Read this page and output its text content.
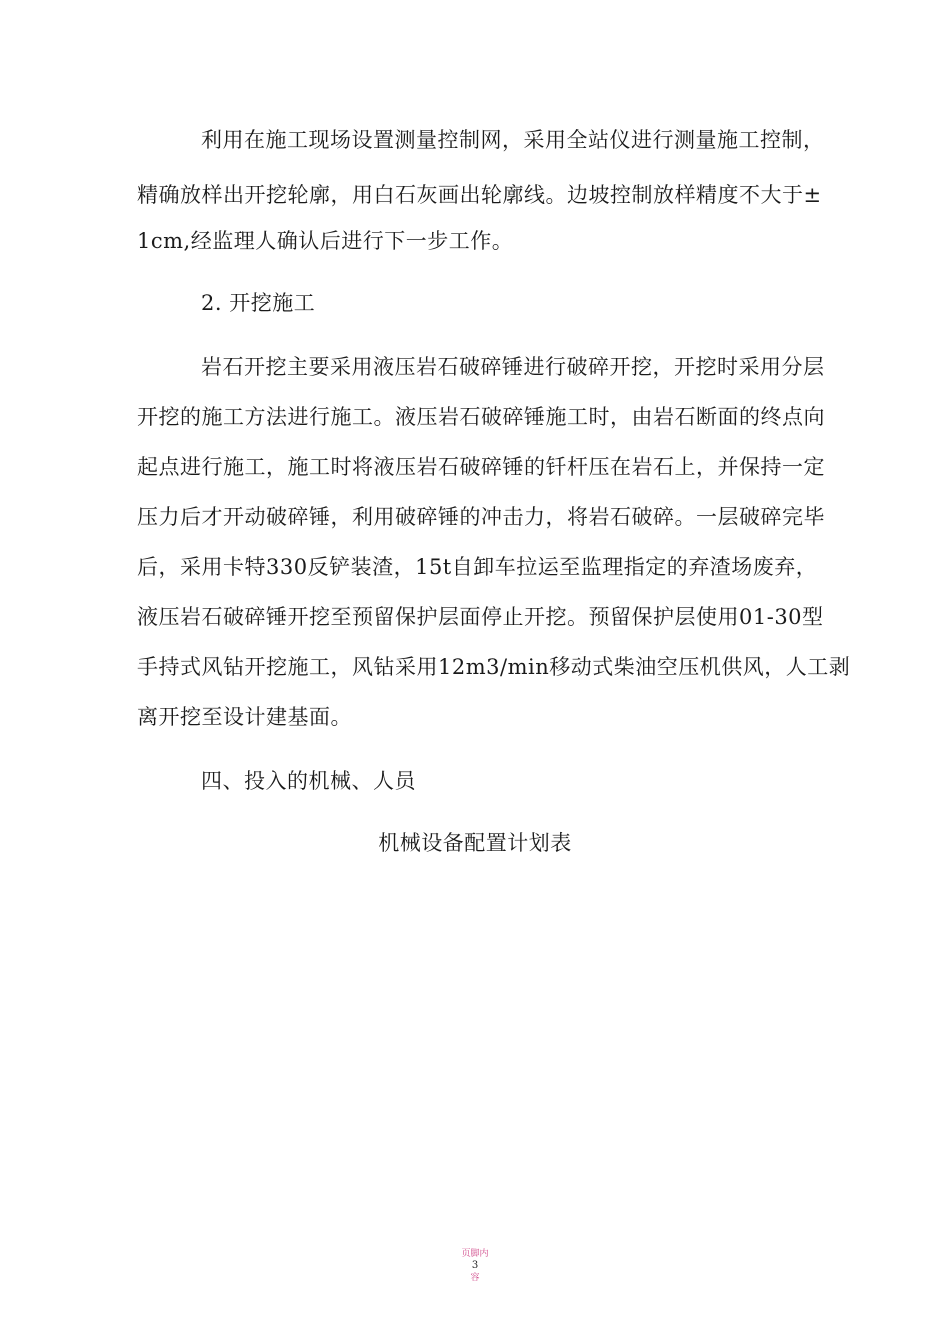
利用在施工现场设置测量控制网，采用全站仪进行测量施工控制，
精确放样出开挖轮廓，用白石灰画出轮廓线。边坡控制放样精度不大于±
1cm,经监理人确认后进行下一步工作。
2. 开挖施工
岩石开挖主要采用液压岩石破碎锤进行破碎开挖，开挖时采用分层
开挖的施工方法进行施工。液压岩石破碎锤施工时，由岩石断面的终点向
起点进行施工，施工时将液压岩石破碎锤的钎杆压在岩石上，并保持一定
压力后才开动破碎锤，利用破碎锤的冲击力，将岩石破碎。一层破碎完毕
后，采用卡特330反铲装渣，15t自卸车拉运至监理指定的弃渣场废弃，
液压岩石破碎锤开挖至预留保护层面停止开挖。预留保护层使用01-30型
手持式风钻开挖施工，风钻采用12m3/min移动式柴油空压机供风，人工剥
离开挖至设计建基面。
四、投入的机械、人员
机械设备配置计划表
页脚内
3
容
